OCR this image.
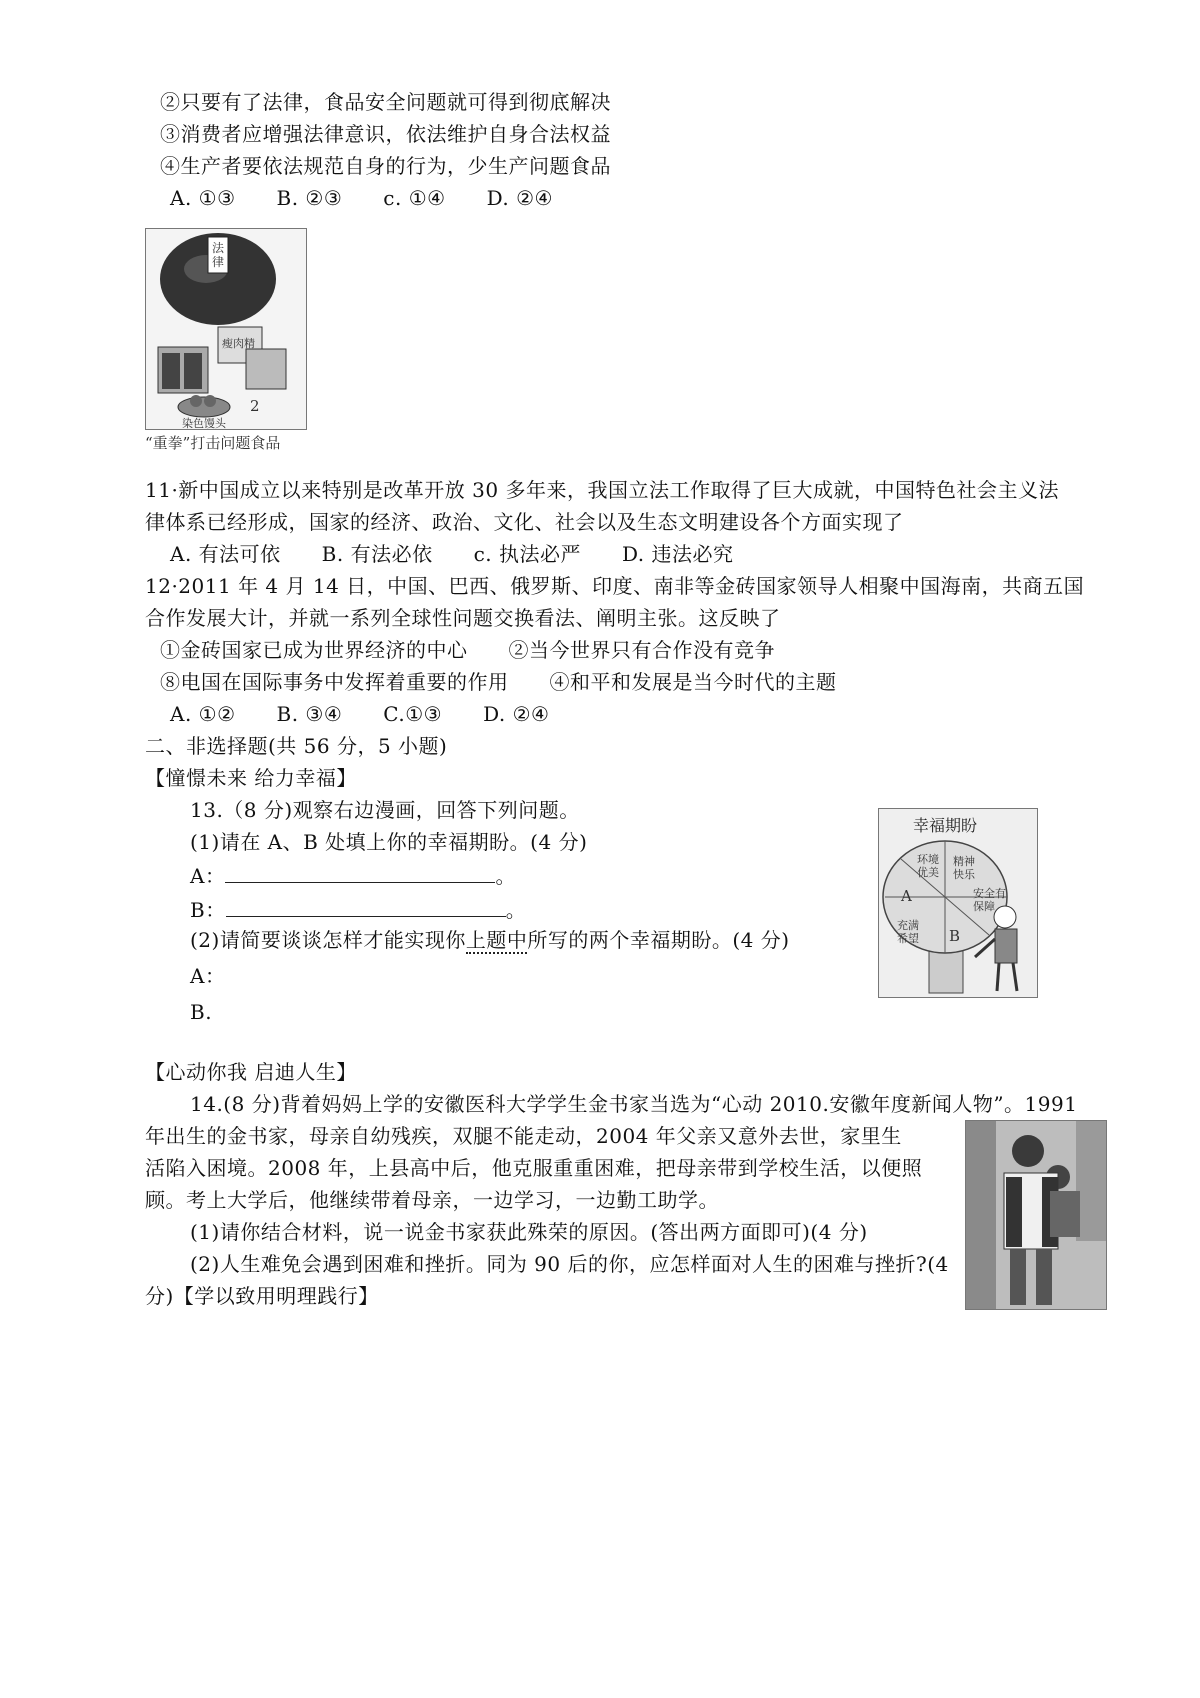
②只要有了法律，食品安全问题就可得到彻底解决
③消费者应增强法律意识，依法维护自身合法权益
④生产者要依法规范自身的行为，少生产问题食品
A. ①③　　B. ②③　　c. ①④　　D. ②④
法律
瘦肉精
染色馒头
2
“重拳”打击问题食品
11·新中国成立以来特别是改革开放 30 多年来，我国立法工作取得了巨大成就，中国特色社会主义法
律体系已经形成，国家的经济、政治、文化、社会以及生态文明建设各个方面实现了
A. 有法可依　　B. 有法必依　　c. 执法必严　　D. 违法必究
12·2011 年 4 月 14 日，中国、巴西、俄罗斯、印度、南非等金砖国家领导人相聚中国海南，共商五国
合作发展大计，并就一系列全球性问题交换看法、阐明主张。这反映了
①金砖国家已成为世界经济的中心　　②当今世界只有合作没有竞争
⑧电国在国际事务中发挥着重要的作用　　④和平和发展是当今时代的主题
A. ①②　　B. ③④　　C.①③　　D. ②④
二、非选择题(共 56 分，5 小题)
【憧憬未来 给力幸福】
13.（8 分)观察右边漫画，回答下列问题。
(1)请在 A、B 处填上你的幸福期盼。(4 分)
A：	。
B：	。
(2)请简要谈谈怎样才能实现你上题中所写的两个幸福期盼。(4 分)
A：
B.
幸福期盼
环境优美
精神快乐
安全有保障
充满希望
A
B
【心动你我 启迪人生】
14.(8 分)背着妈妈上学的安徽医科大学学生金书家当选为“心动 2010.安徽年度新闻人物”。1991
年出生的金书家，母亲自幼残疾，双腿不能走动，2004 年父亲又意外去世，家里生
活陷入困境。2008 年，上县高中后，他克服重重困难，把母亲带到学校生活，以便照
顾。考上大学后，他继续带着母亲，一边学习，一边勤工助学。
(1)请你结合材料，说一说金书家获此殊荣的原因。(答出两方面即可)(4 分)
(2)人生难免会遇到困难和挫折。同为 90 后的你，应怎样面对人生的困难与挫折?(4
分)【学以致用明理践行】
